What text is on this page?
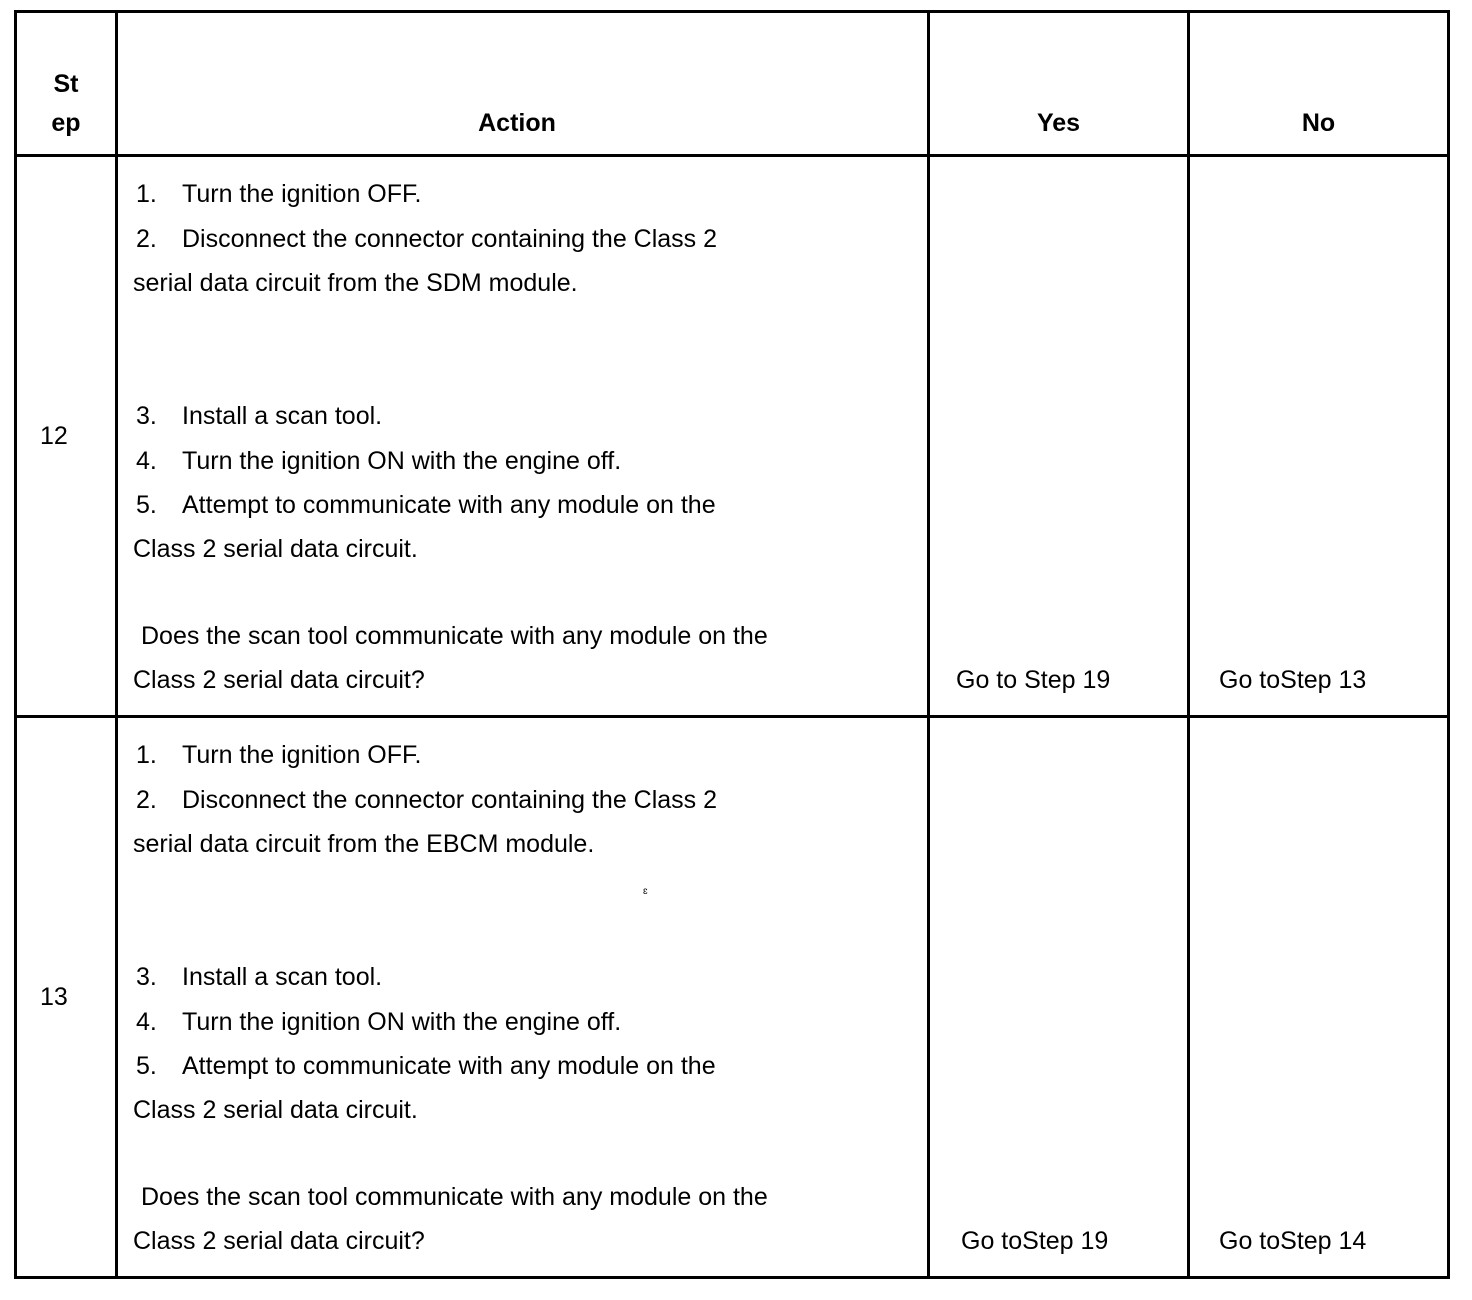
St
ep	Action	Yes	No
12
1. Turn the ignition OFF.
2. Disconnect the connector containing the Class 2
serial data circuit from the SDM module.
3. Install a scan tool.
4. Turn the ignition ON with the engine off.
5. Attempt to communicate with any module on the
Class 2 serial data circuit.
Does the scan tool communicate with any module on the
Class 2 serial data circuit?	Go to Step 19	Go toStep 13
13
1. Turn the ignition OFF.
2. Disconnect the connector containing the Class 2
serial data circuit from the EBCM module.
ɛ
3. Install a scan tool.
4. Turn the ignition ON with the engine off.
5. Attempt to communicate with any module on the
Class 2 serial data circuit.
Does the scan tool communicate with any module on the
Class 2 serial data circuit?	Go toStep 19	Go toStep 14
